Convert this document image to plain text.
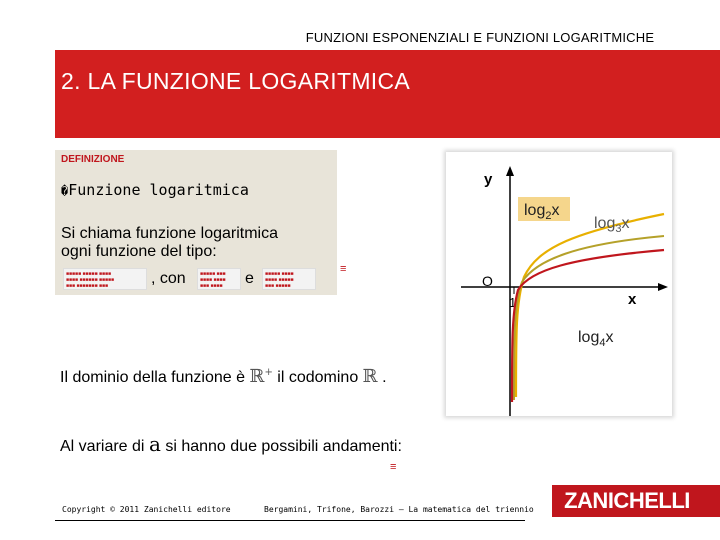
FUNZIONI ESPONENZIALI E FUNZIONI LOGARITMICHE
2. LA FUNZIONE LOGARITMICA
DEFINIZIONE
�Funzione logaritmica
Si chiama funzione logaritmica
ogni funzione del tipo:
■■■■■ ■■■■■ ■■■■
■■■■ ■■■■■■ ■■■■■
■■■ ■■■■■■■ ■■■	, con	■■■■■ ■■■
■■■■ ■■■■
■■■ ■■■■	e	■■■■■ ■■■■
■■■■ ■■■■■
■■■ ■■■■■
≡
y
x
O
1
$\log_2x$
$\log_3x$
$\log_4x$
Il dominio della funzione è ℝ+ il codomino ℝ .
Al variare di a si hanno due possibili andamenti:
≡
Copyright © 2011 Zanichelli editore	Bergamini, Trifone, Barozzi – La matematica del triennio	ZANICHELLI
